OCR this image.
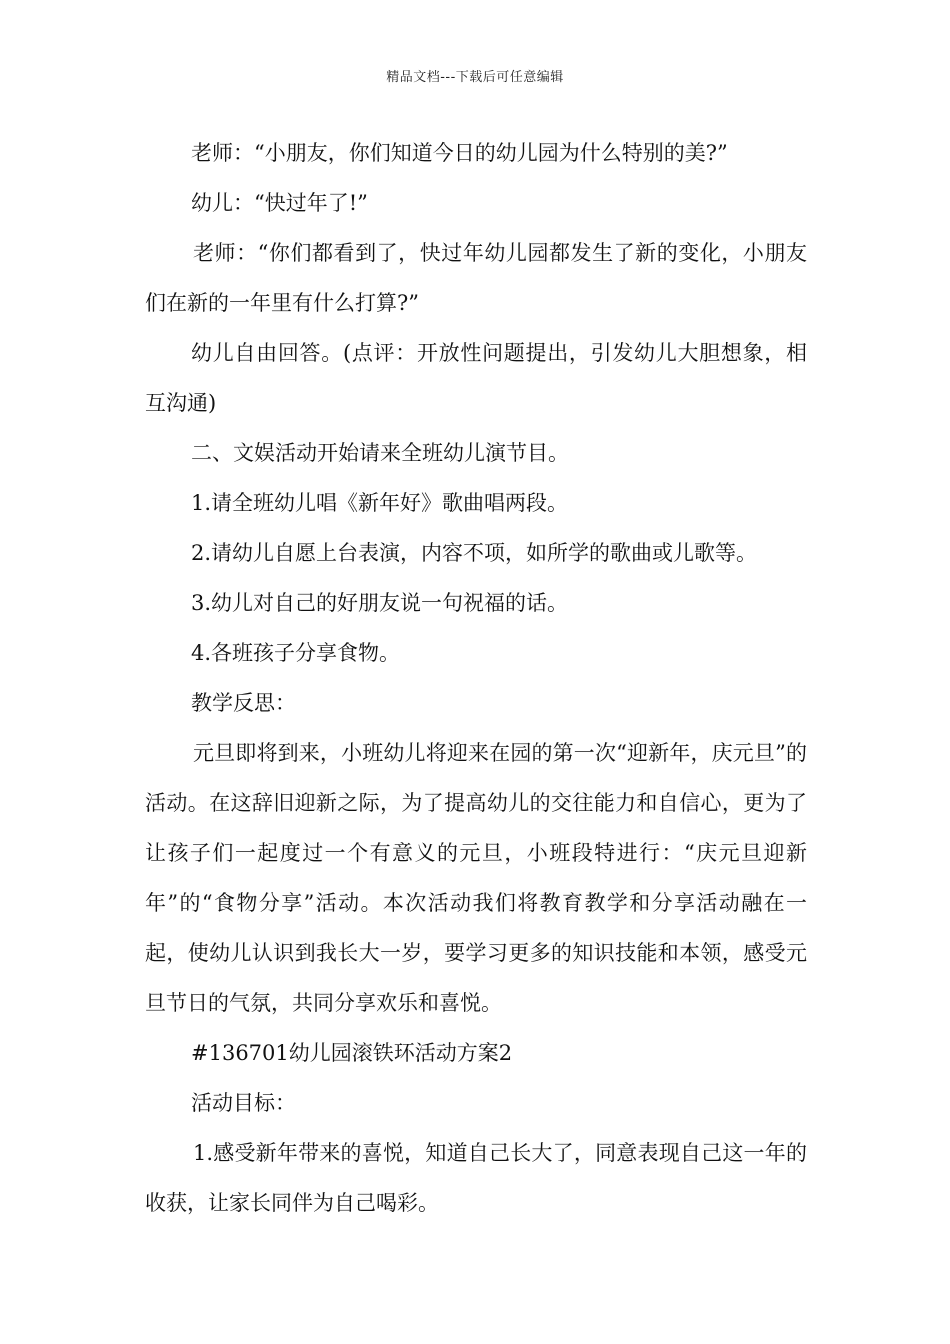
精品文档---下载后可任意编辑

老师：“小朋友，你们知道今日的幼儿园为什么特别的美?”

幼儿：“快过年了!”

老师：“你们都看到了，快过年幼儿园都发生了新的变化，小朋友们在新的一年里有什么打算?”

幼儿自由回答。(点评：开放性问题提出，引发幼儿大胆想象，相互沟通)

二、文娱活动开始请来全班幼儿演节目。

1.请全班幼儿唱《新年好》歌曲唱两段。

2.请幼儿自愿上台表演，内容不项，如所学的歌曲或儿歌等。

3.幼儿对自己的好朋友说一句祝福的话。

4.各班孩子分享食物。

教学反思：

元旦即将到来，小班幼儿将迎来在园的第一次“迎新年，庆元旦”的活动。在这辞旧迎新之际，为了提高幼儿的交往能力和自信心，更为了让孩子们一起度过一个有意义的元旦，小班段特进行：“庆元旦迎新年”的“食物分享”活动。本次活动我们将教育教学和分享活动融在一起，使幼儿认识到我长大一岁，要学习更多的知识技能和本领，感受元旦节日的气氛，共同分享欢乐和喜悦。

#136701幼儿园滚铁环活动方案2

活动目标：

1.感受新年带来的喜悦，知道自己长大了，同意表现自己这一年的收获，让家长同伴为自己喝彩。
